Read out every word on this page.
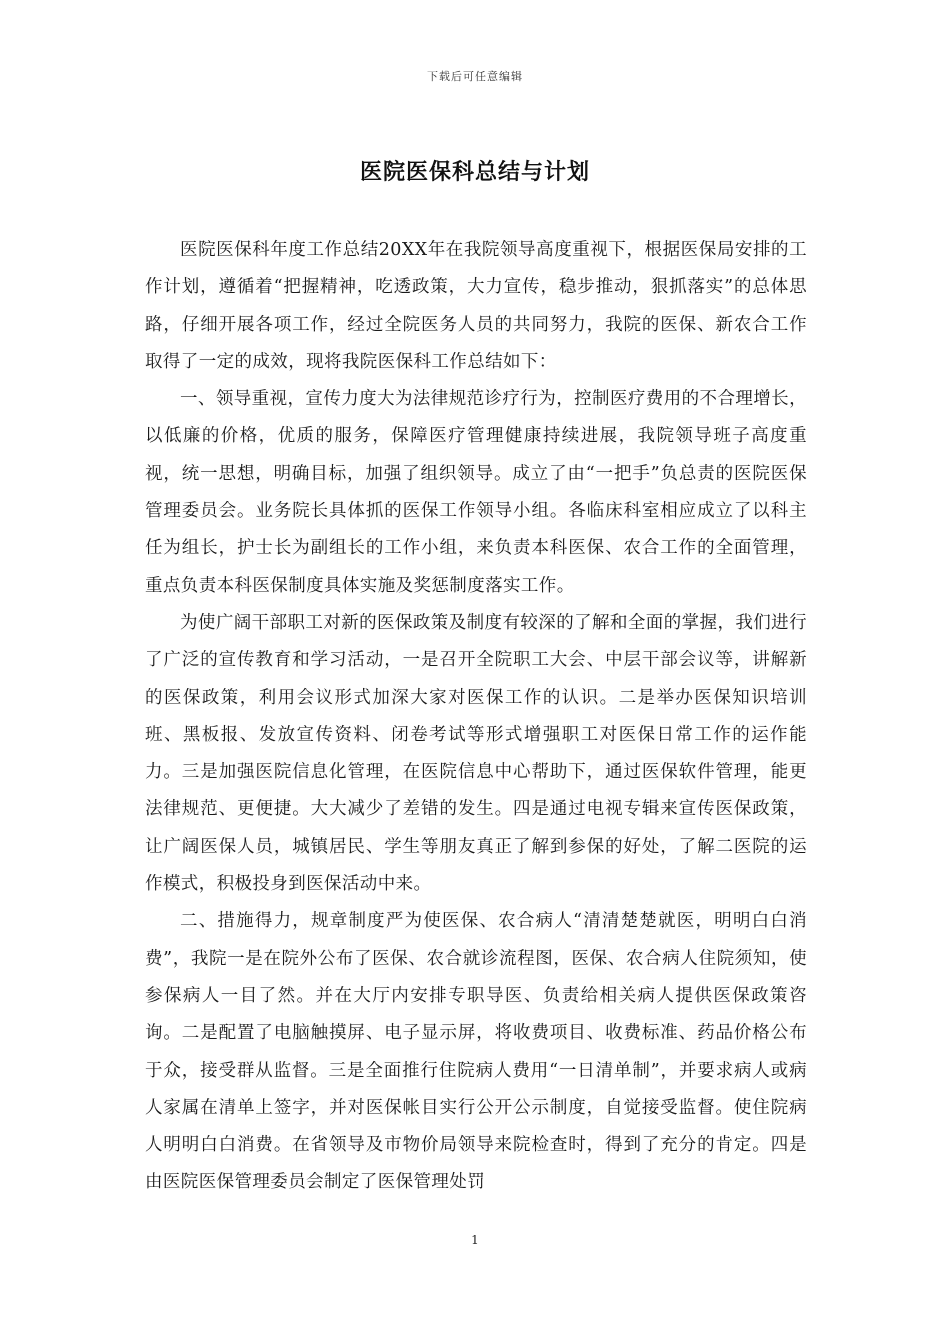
下载后可任意编辑
医院医保科总结与计划

医院医保科年度工作总结20XX年在我院领导高度重视下，根据医保局安排的工作计划，遵循着“把握精神，吃透政策，大力宣传，稳步推动，狠抓落实”的总体思路，仔细开展各项工作，经过全院医务人员的共同努力，我院的医保、新农合工作取得了一定的成效，现将我院医保科工作总结如下：

一、领导重视，宣传力度大为法律规范诊疗行为，控制医疗费用的不合理增长，以低廉的价格，优质的服务，保障医疗管理健康持续进展，我院领导班子高度重视，统一思想，明确目标，加强了组织领导。成立了由“一把手”负总责的医院医保管理委员会。业务院长具体抓的医保工作领导小组。各临床科室相应成立了以科主任为组长，护士长为副组长的工作小组，来负责本科医保、农合工作的全面管理，重点负责本科医保制度具体实施及奖惩制度落实工作。

为使广阔干部职工对新的医保政策及制度有较深的了解和全面的掌握，我们进行了广泛的宣传教育和学习活动，一是召开全院职工大会、中层干部会议等，讲解新的医保政策，利用会议形式加深大家对医保工作的认识。二是举办医保知识培训班、黑板报、发放宣传资料、闭卷考试等形式增强职工对医保日常工作的运作能力。三是加强医院信息化管理，在医院信息中心帮助下，通过医保软件管理，能更法律规范、更便捷。大大减少了差错的发生。四是通过电视专辑来宣传医保政策，让广阔医保人员，城镇居民、学生等朋友真正了解到参保的好处，了解二医院的运作模式，积极投身到医保活动中来。

二、措施得力，规章制度严为使医保、农合病人“清清楚楚就医，明明白白消费”，我院一是在院外公布了医保、农合就诊流程图，医保、农合病人住院须知，使参保病人一目了然。并在大厅内安排专职导医、负责给相关病人提供医保政策咨询。二是配置了电脑触摸屏、电子显示屏，将收费项目、收费标准、药品价格公布于众，接受群从监督。三是全面推行住院病人费用“一日清单制”，并要求病人或病人家属在清单上签字，并对医保帐目实行公开公示制度，自觉接受监督。使住院病人明明白白消费。在省领导及市物价局领导来院检查时，得到了充分的肯定。四是由医院医保管理委员会制定了医保管理处罚

1
